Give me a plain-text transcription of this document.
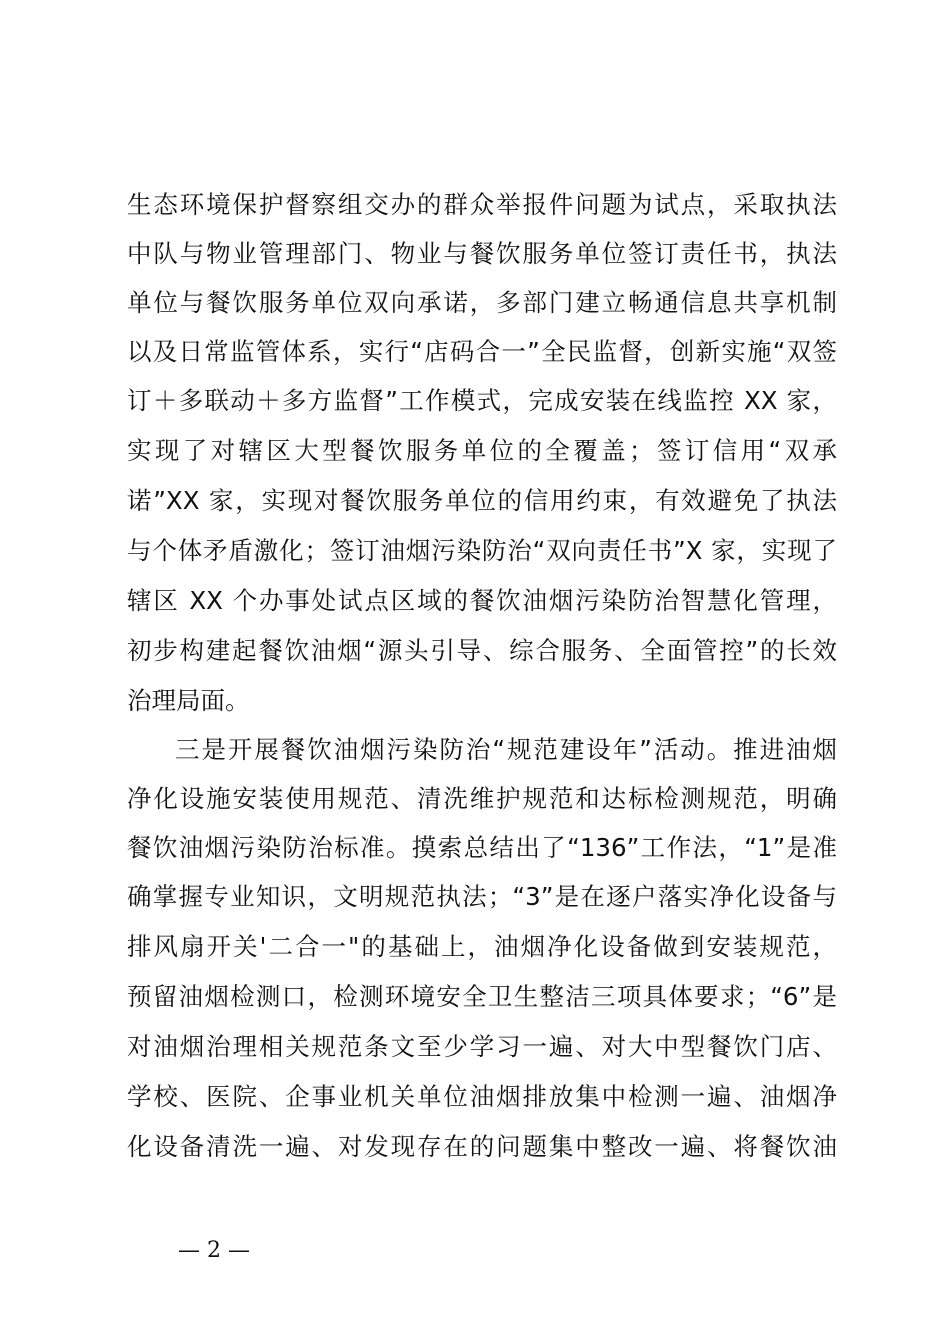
生态环境保护督察组交办的群众举报件问题为试点，采取执法
中队与物业管理部门、物业与餐饮服务单位签订责任书，执法
单位与餐饮服务单位双向承诺，多部门建立畅通信息共享机制
以及日常监管体系，实行“店码合一”全民监督，创新实施“双签
订＋多联动＋多方监督”工作模式，完成安装在线监控 XX 家，
实现了对辖区大型餐饮服务单位的全覆盖；签订信用“双承
诺”XX 家，实现对餐饮服务单位的信用约束，有效避免了执法
与个体矛盾激化；签订油烟污染防治“双向责任书”X 家，实现了
辖区 XX 个办事处试点区域的餐饮油烟污染防治智慧化管理，
初步构建起餐饮油烟“源头引导、综合服务、全面管控”的长效
治理局面。
三是开展餐饮油烟污染防治“规范建设年”活动。推进油烟
净化设施安装使用规范、清洗维护规范和达标检测规范，明确
餐饮油烟污染防治标准。摸索总结出了“136”工作法，“1”是准
确掌握专业知识，文明规范执法；“3”是在逐户落实净化设备与
排风扇开关'二合一"的基础上，油烟净化设备做到安装规范，
预留油烟检测口，检测环境安全卫生整洁三项具体要求；“6”是
对油烟治理相关规范条文至少学习一遍、对大中型餐饮门店、
学校、医院、企事业机关单位油烟排放集中检测一遍、油烟净
化设备清洗一遍、对发现存在的问题集中整改一遍、将餐饮油
— 2 —
